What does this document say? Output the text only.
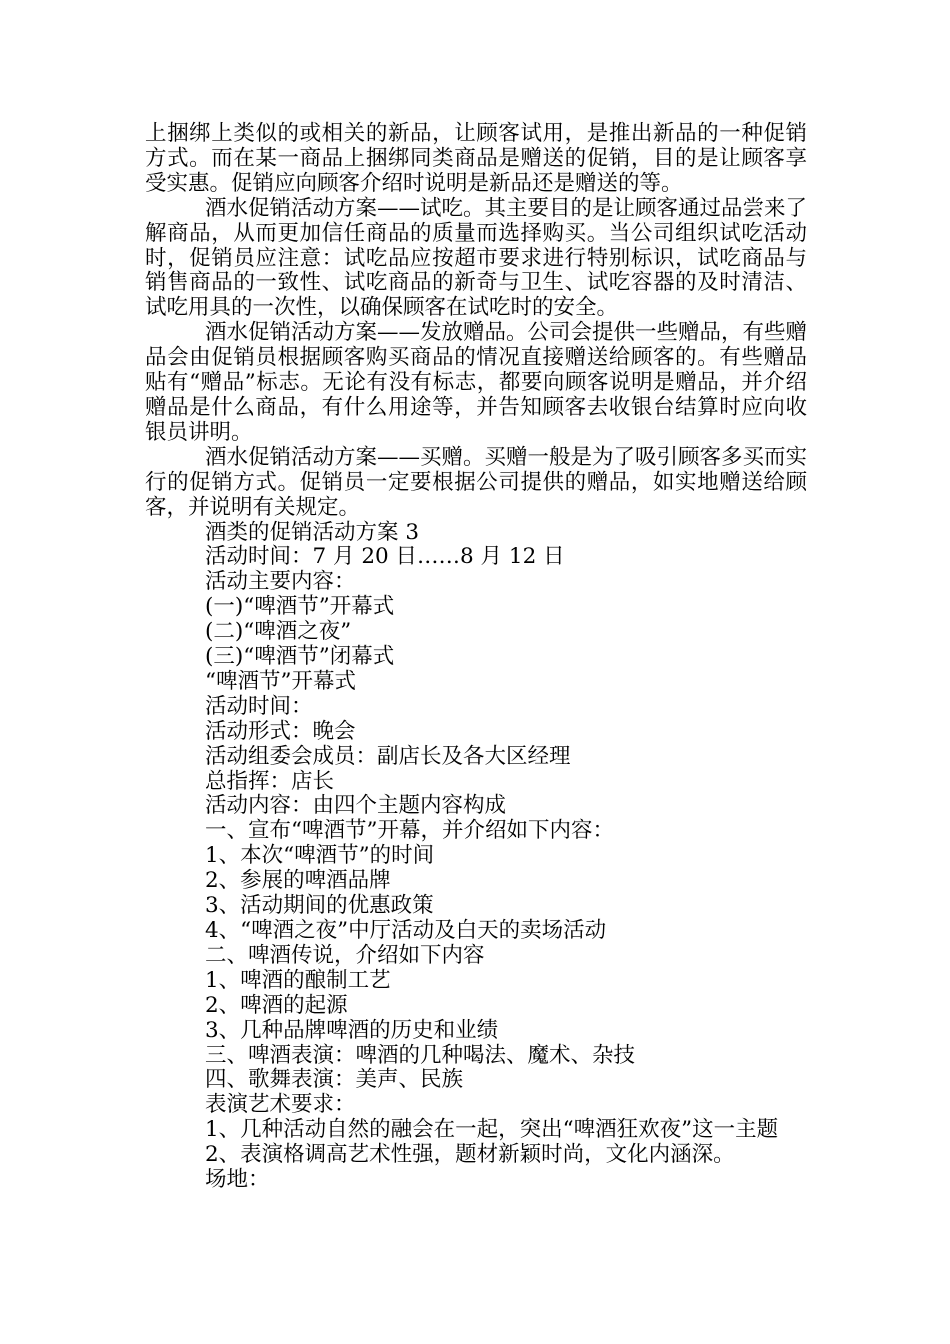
上捆绑上类似的或相关的新品，让顾客试用，是推出新品的一种促销方式。而在某一商品上捆绑同类商品是赠送的促销，目的是让顾客享受实惠。促销应向顾客介绍时说明是新品还是赠送的等。

酒水促销活动方案——试吃。其主要目的是让顾客通过品尝来了解商品，从而更加信任商品的质量而选择购买。当公司组织试吃活动时，促销员应注意：试吃品应按超市要求进行特别标识，试吃商品与销售商品的一致性、试吃商品的新奇与卫生、试吃容器的及时清洁、试吃用具的一次性，以确保顾客在试吃时的安全。

酒水促销活动方案——发放赠品。公司会提供一些赠品，有些赠品会由促销员根据顾客购买商品的情况直接赠送给顾客的。有些赠品贴有“赠品”标志。无论有没有标志，都要向顾客说明是赠品，并介绍赠品是什么商品，有什么用途等，并告知顾客去收银台结算时应向收银员讲明。

酒水促销活动方案——买赠。买赠一般是为了吸引顾客多买而实行的促销方式。促销员一定要根据公司提供的赠品，如实地赠送给顾客，并说明有关规定。

酒类的促销活动方案 3

活动时间：7 月 20 日……8 月 12 日

活动主要内容：

(一)“啤酒节”开幕式

(二)“啤酒之夜”

(三)“啤酒节”闭幕式

“啤酒节”开幕式

活动时间：

活动形式：晚会

活动组委会成员：副店长及各大区经理

总指挥：店长

活动内容：由四个主题内容构成

一、宣布“啤酒节”开幕，并介绍如下内容：

1、本次“啤酒节”的时间

2、参展的啤酒品牌

3、活动期间的优惠政策

4、“啤酒之夜”中厅活动及白天的卖场活动

二、啤酒传说，介绍如下内容

1、啤酒的酿制工艺

2、啤酒的起源

3、几种品牌啤酒的历史和业绩

三、啤酒表演：啤酒的几种喝法、魔术、杂技

四、歌舞表演：美声、民族

表演艺术要求：

1、几种活动自然的融会在一起，突出“啤酒狂欢夜”这一主题

2、表演格调高艺术性强，题材新颖时尚，文化内涵深。

场地：
